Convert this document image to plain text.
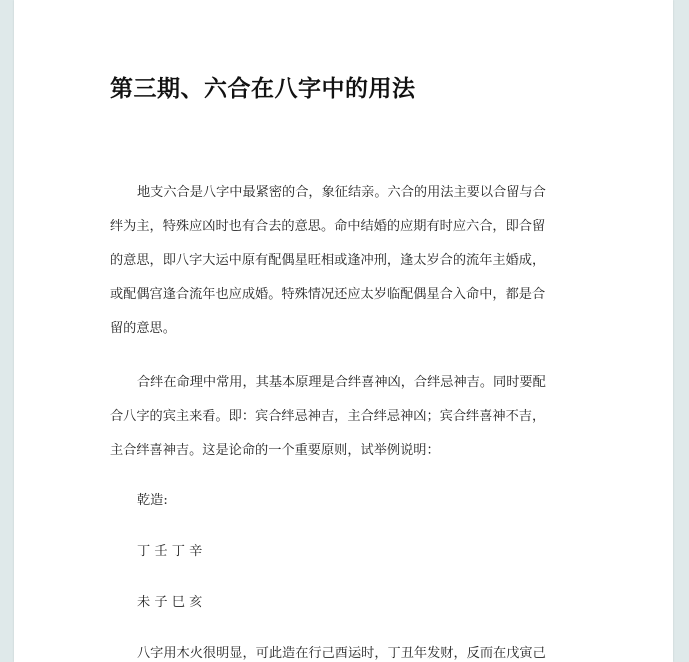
第三期、六合在八字中的用法

地支六合是八字中最紧密的合，象征结亲。六合的用法主要以合留与合
绊为主，特殊应凶时也有合去的意思。命中结婚的应期有时应六合，即合留
的意思，即八字大运中原有配偶星旺相或逢冲刑，逢太岁合的流年主婚成，
或配偶宫逢合流年也应成婚。特殊情况还应太岁临配偶星合入命中，都是合
留的意思。

合绊在命理中常用，其基本原理是合绊喜神凶，合绊忌神吉。同时要配
合八字的宾主来看。即：宾合绊忌神吉，主合绊忌神凶；宾合绊喜神不吉，
主合绊喜神吉。这是论命的一个重要原则，试举例说明：

乾造:

丁 壬 丁 辛

未 子 巳 亥

八字用木火很明显，可此造在行己酉运时，丁丑年发财，反而在戊寅己
